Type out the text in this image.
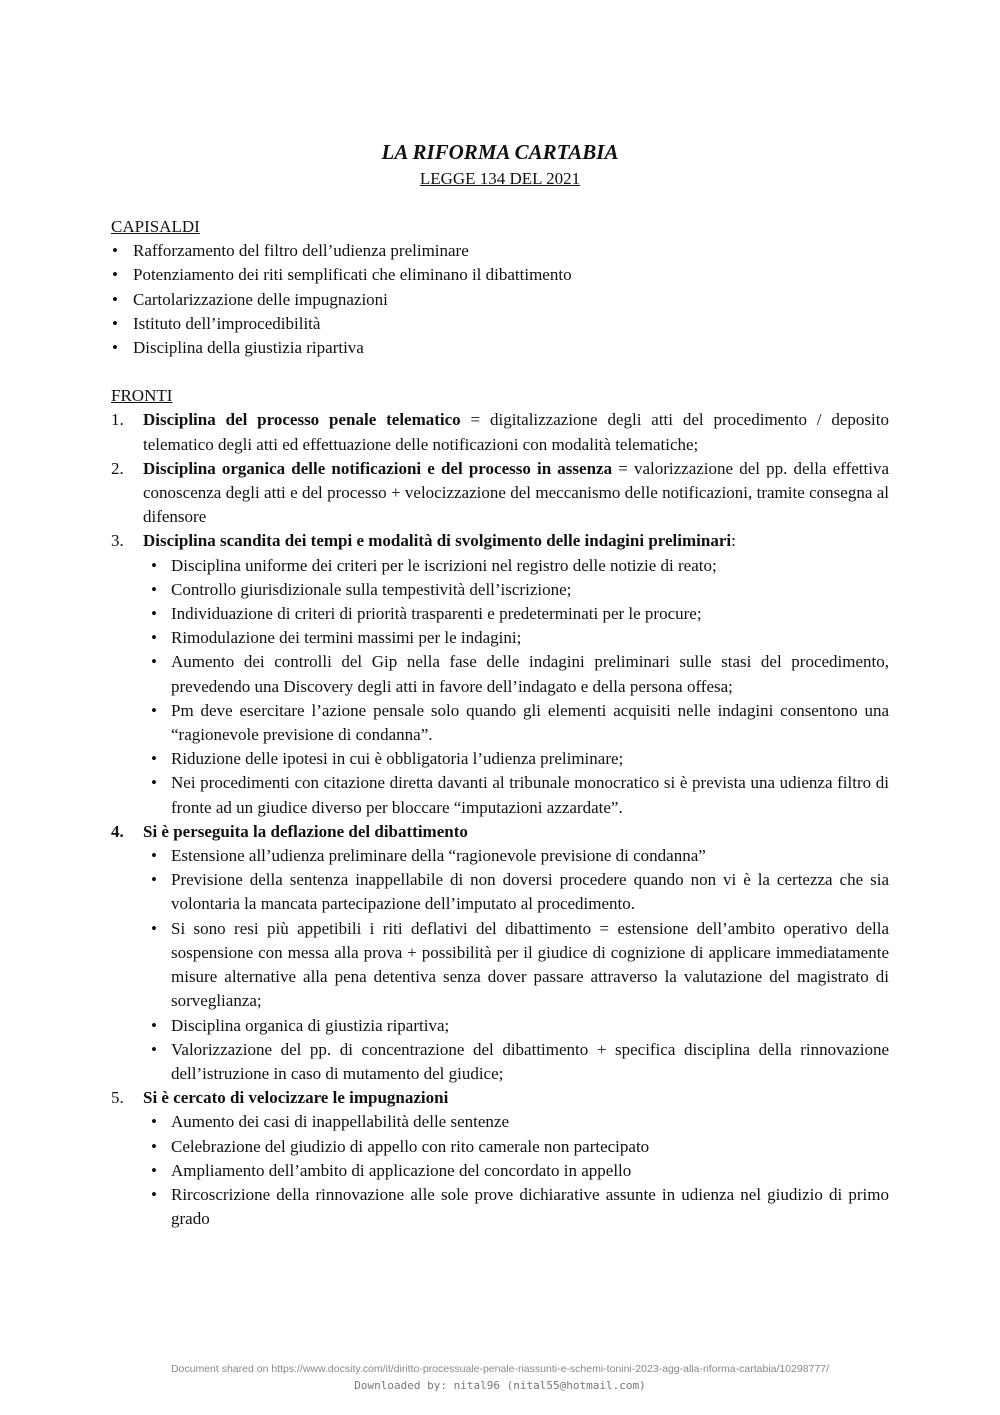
LA RIFORMA CARTABIA
LEGGE 134 DEL 2021
CAPISALDI
• Rafforzamento del filtro dell’udienza preliminare
• Potenziamento dei riti semplificati che eliminano il dibattimento
• Cartolarizzazione delle impugnazioni
• Istituto dell’improcedibilità
• Disciplina della giustizia ripartiva
FRONTI
1. Disciplina del processo penale telematico = digitalizzazione degli atti del procedimento / deposito telematico degli atti ed effettuazione delle notificazioni con modalità telematiche;
2. Disciplina organica delle notificazioni e del processo in assenza = valorizzazione del pp. della effettiva conoscenza degli atti e del processo + velocizzazione del meccanismo delle notificazioni, tramite consegna al difensore
3. Disciplina scandita dei tempi e modalità di svolgimento delle indagini preliminari:
• Disciplina uniforme dei criteri per le iscrizioni nel registro delle notizie di reato;
• Controllo giurisdizionale sulla tempestività dell’iscrizione;
• Individuazione di criteri di priorità trasparenti e predeterminati per le procure;
• Rimodulazione dei termini massimi per le indagini;
• Aumento dei controlli del Gip nella fase delle indagini preliminari sulle stasi del procedimento, prevedendo una Discovery degli atti in favore dell’indagato e della persona offesa;
• Pm deve esercitare l’azione pensale solo quando gli elementi acquisiti nelle indagini consentono una “ragionevole previsione di condanna”.
• Riduzione delle ipotesi in cui è obbligatoria l’udienza preliminare;
• Nei procedimenti con citazione diretta davanti al tribunale monocratico si è prevista una udienza filtro di fronte ad un giudice diverso per bloccare “imputazioni azzardate”.
4. Si è perseguita la deflazione del dibattimento
• Estensione all’udienza preliminare della “ragionevole previsione di condanna”
• Previsione della sentenza inappellabile di non doversi procedere quando non vi è la certezza che sia volontaria la mancata partecipazione dell’imputato al procedimento.
• Si sono resi più appetibili i riti deflativi del dibattimento = estensione dell’ambito operativo della sospensione con messa alla prova + possibilità per il giudice di cognizione di applicare immediatamente misure alternative alla pena detentiva senza dover passare attraverso la valutazione del magistrato di sorveglianza;
• Disciplina organica di giustizia ripartiva;
• Valorizzazione del pp. di concentrazione del dibattimento + specifica disciplina della rinnovazione dell’istruzione in caso di mutamento del giudice;
5. Si è cercato di velocizzare le impugnazioni
• Aumento dei casi di inappellabilità delle sentenze
• Celebrazione del giudizio di appello con rito camerale non partecipato
• Ampliamento dell’ambito di applicazione del concordato in appello
• Rircoscrizione della rinnovazione alle sole prove dichiarative assunte in udienza nel giudizio di primo grado
Document shared on https://www.docsity.com/it/diritto-processuale-penale-riassunti-e-schemi-tonini-2023-agg-alla-riforma-cartabia/10298777/
Downloaded by: nital96 (nital55@hotmail.com)
